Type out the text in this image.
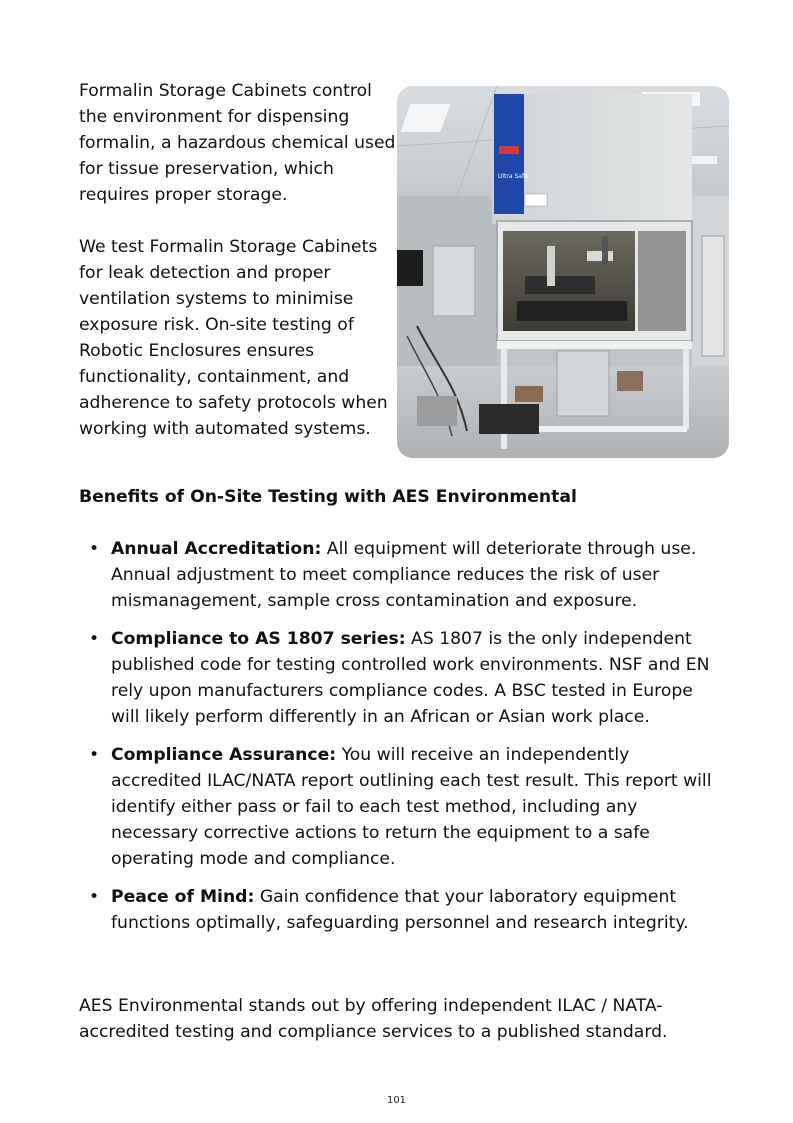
Formalin Storage Cabinets control the environment for dispensing formalin, a hazardous chemical used for tissue preservation, which requires proper storage.

We test Formalin Storage Cabinets for leak detection and proper ventilation systems to minimise exposure risk. On-site testing of Robotic Enclosures ensures functionality, containment, and adherence to safety protocols when working with automated systems.

Ultra Safe
Benefits of On-Site Testing with AES Environmental
• Annual Accreditation: All equipment will deteriorate through use. Annual adjustment to meet compliance reduces the risk of user mismanagement, sample cross contamination and exposure.
• Compliance to AS 1807 series: AS 1807 is the only independent published code for testing controlled work environments. NSF and EN rely upon manufacturers compliance codes. A BSC tested in Europe will likely perform differently in an African or Asian work place.
• Compliance Assurance: You will receive an independently accredited ILAC/NATA report outlining each test result. This report will identify either pass or fail to each test method, including any necessary corrective actions to return the equipment to a safe operating mode and compliance.
• Peace of Mind: Gain confidence that your laboratory equipment functions optimally, safeguarding personnel and research integrity.

AES Environmental stands out by offering independent ILAC / NATA-accredited testing and compliance services to a published standard.

101
